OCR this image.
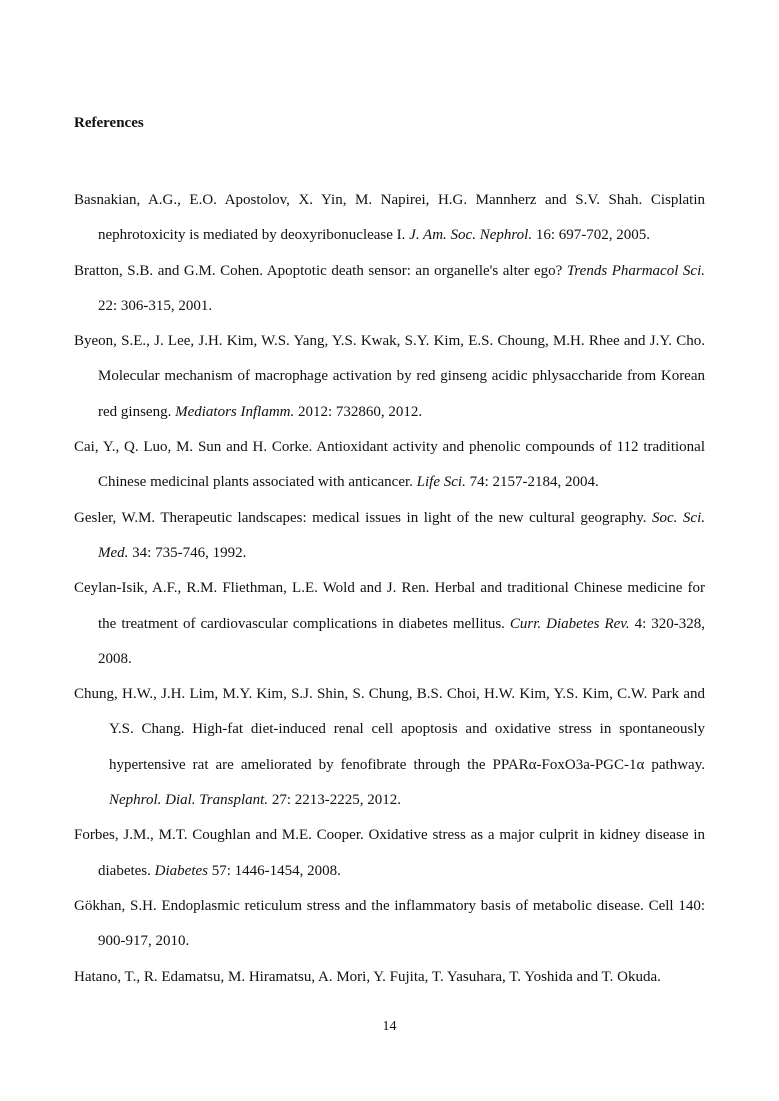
References
Basnakian, A.G., E.O. Apostolov, X. Yin, M. Napirei, H.G. Mannherz and S.V. Shah. Cisplatin nephrotoxicity is mediated by deoxyribonuclease I. J. Am. Soc. Nephrol. 16: 697-702, 2005.
Bratton, S.B. and G.M. Cohen. Apoptotic death sensor: an organelle's alter ego? Trends Pharmacol Sci. 22: 306-315, 2001.
Byeon, S.E., J. Lee, J.H. Kim, W.S. Yang, Y.S. Kwak, S.Y. Kim, E.S. Choung, M.H. Rhee and J.Y. Cho. Molecular mechanism of macrophage activation by red ginseng acidic phlysaccharide from Korean red ginseng. Mediators Inflamm. 2012: 732860, 2012.
Cai, Y., Q. Luo, M. Sun and H. Corke. Antioxidant activity and phenolic compounds of 112 traditional Chinese medicinal plants associated with anticancer. Life Sci. 74: 2157-2184, 2004.
Gesler, W.M. Therapeutic landscapes: medical issues in light of the new cultural geography. Soc. Sci. Med. 34: 735-746, 1992.
Ceylan-Isik, A.F., R.M. Fliethman, L.E. Wold and J. Ren. Herbal and traditional Chinese medicine for the treatment of cardiovascular complications in diabetes mellitus. Curr. Diabetes Rev. 4: 320-328, 2008.
Chung, H.W., J.H. Lim, M.Y. Kim, S.J. Shin, S. Chung, B.S. Choi, H.W. Kim, Y.S. Kim, C.W. Park and Y.S. Chang. High-fat diet-induced renal cell apoptosis and oxidative stress in spontaneously hypertensive rat are ameliorated by fenofibrate through the PPARα-FoxO3a-PGC-1α pathway. Nephrol. Dial. Transplant. 27: 2213-2225, 2012.
Forbes, J.M., M.T. Coughlan and M.E. Cooper. Oxidative stress as a major culprit in kidney disease in diabetes. Diabetes 57: 1446-1454, 2008.
Gökhan, S.H. Endoplasmic reticulum stress and the inflammatory basis of metabolic disease. Cell 140: 900-917, 2010.
Hatano, T., R. Edamatsu, M. Hiramatsu, A. Mori, Y. Fujita, T. Yasuhara, T. Yoshida and T. Okuda.
14
